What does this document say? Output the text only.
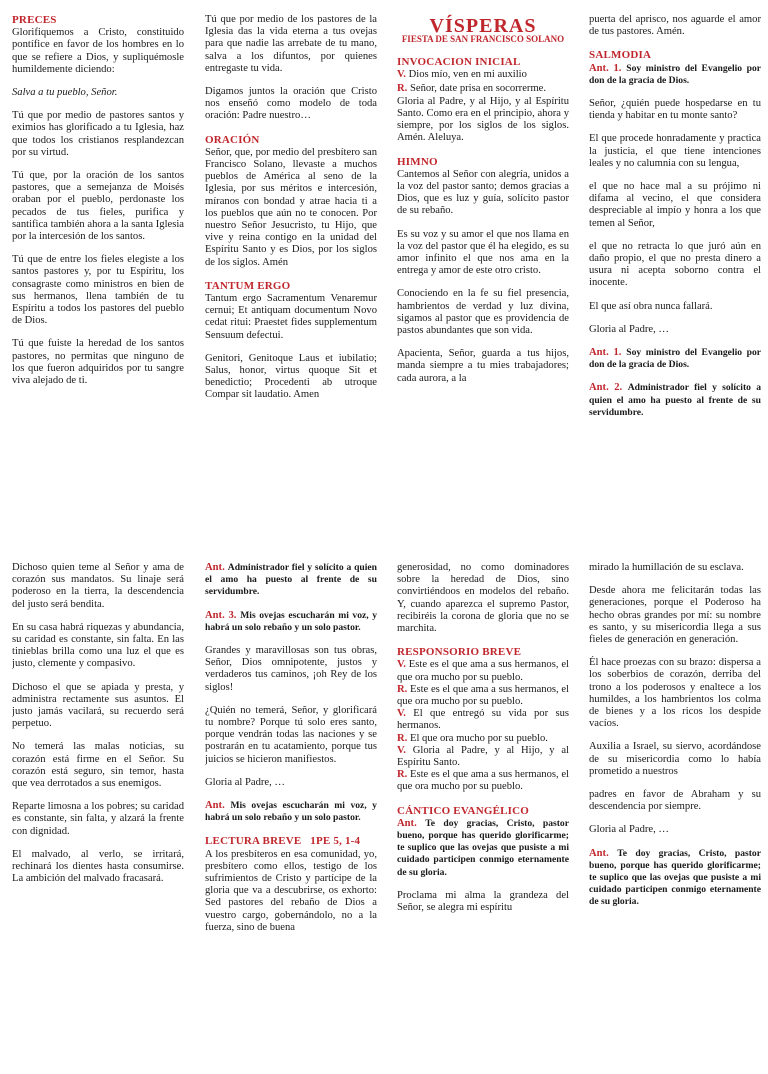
PRECES

Glorifiquemos a Cristo, constituido pontífice en favor de los hombres en lo que se refiere a Dios, y supliquémosle humildemente diciendo:

Salva a tu pueblo, Señor.

Tú que por medio de pastores santos y eximios has glorificado a tu Iglesia, haz que todos los cristianos resplandezcan por su virtud.

Tú que, por la oración de los santos pastores, que a semejanza de Moisés oraban por el pueblo, perdonaste los pecados de tus fieles, purifica y santifica también ahora a la santa Iglesia por la intercesión de los santos.

Tú que de entre los fieles elegiste a los santos pastores y, por tu Espíritu, los consagraste como ministros en bien de sus hermanos, llena también de tu Espíritu a todos los pastores del pueblo de Dios.

Tú que fuiste la heredad de los santos pastores, no permitas que ninguno de los que fueron adquiridos por tu sangre viva alejado de ti.

Tú que por medio de los pastores de la Iglesia das la vida eterna a tus ovejas para que nadie las arrebate de tu mano, salva a los difuntos, por quienes entregaste tu vida.

Digamos juntos la oración que Cristo nos enseñó como modelo de toda oración: Padre nuestro…

ORACIÓN

Señor, que, por medio del presbítero san Francisco Solano, llevaste a muchos pueblos de América al seno de la Iglesia, por sus méritos e intercesión, míranos con bondad y atrae hacia ti a los pueblos que aún no te conocen. Por nuestro Señor Jesucristo, tu Hijo, que vive y reina contigo en la unidad del Espíritu Santo y es Dios, por los siglos de los siglos. Amén

TANTUM ERGO

Tantum ergo Sacramentum Venaremur cernui; Et antiquam documentum Novo cedat ritui: Praestet fides supplementum Sensuum defectui.

Genitori, Genitoque Laus et iubilatio; Salus, honor, virtus quoque Sit et benedictio; Procedenti ab utroque Compar sit laudatio. Amen

VÍSPERAS
FIESTA DE SAN FRANCISCO SOLANO
INVOCACION INICIAL
V. Dios mío, ven en mi auxilio
R. Señor, date prisa en socorrerme.

Gloria al Padre, y al Hijo, y al Espíritu Santo. Como era en el principio, ahora y siempre, por los siglos de los siglos. Amén. Aleluya.

HIMNO

Cantemos al Señor con alegría, unidos a la voz del pastor santo; demos gracias a Dios, que es luz y guía, solícito pastor de su rebaño.

Es su voz y su amor el que nos llama en la voz del pastor que él ha elegido, es su amor infinito el que nos ama en la entrega y amor de este otro cristo.

Conociendo en la fe su fiel presencia, hambrientos de verdad y luz divina, sigamos al pastor que es providencia de pastos abundantes que son vida.

Apacienta, Señor, guarda a tus hijos, manda siempre a tu mies trabajadores; cada aurora, a la

puerta del aprisco, nos aguarde el amor de tus pastores. Amén.

SALMODIA

Ant. 1. Soy ministro del Evangelio por don de la gracia de Dios.

Señor, ¿quién puede hospedarse en tu tienda y habitar en tu monte santo?

El que procede honradamente y practica la justicia, el que tiene intenciones leales y no calumnia con su lengua,

el que no hace mal a su prójimo ni difama al vecino, el que considera despreciable al impío y honra a los que temen al Señor,

el que no retracta lo que juró aún en daño propio, el que no presta dinero a usura ni acepta soborno contra el inocente.

El que así obra nunca fallará.

Gloria al Padre, …

Ant. 1. Soy ministro del Evangelio por don de la gracia de Dios.

Ant. 2. Administrador fiel y solícito a quien el amo ha puesto al frente de su servidumbre.

Dichoso quien teme al Señor y ama de corazón sus mandatos. Su linaje será poderoso en la tierra, la descendencia del justo será bendita.

En su casa habrá riquezas y abundancia, su caridad es constante, sin falta. En las tinieblas brilla como una luz el que es justo, clemente y compasivo.

Dichoso el que se apiada y presta, y administra rectamente sus asuntos. El justo jamás vacilará, su recuerdo será perpetuo.

No temerá las malas noticias, su corazón está firme en el Señor. Su corazón está seguro, sin temor, hasta que vea derrotados a sus enemigos.

Reparte limosna a los pobres; su caridad es constante, sin falta, y alzará la frente con dignidad.

El malvado, al verlo, se irritará, rechinará los dientes hasta consumirse. La ambición del malvado fracasará.

Ant. Administrador fiel y solícito a quien el amo ha puesto al frente de su servidumbre.

Ant. 3. Mis ovejas escucharán mi voz, y habrá un solo rebaño y un solo pastor.

Grandes y maravillosas son tus obras, Señor, Dios omnipotente, justos y verdaderos tus caminos, ¡oh Rey de los siglos!

¿Quién no temerá, Señor, y glorificará tu nombre? Porque tú solo eres santo, porque vendrán todas las naciones y se postrarán en tu acatamiento, porque tus juicios se hicieron manifiestos.

Gloria al Padre, …

Ant. Mis ovejas escucharán mi voz, y habrá un solo rebaño y un solo pastor.

LECTURA BREVE   1PE 5, 1-4

A los presbíteros en esa comunidad, yo, presbítero como ellos, testigo de los sufrimientos de Cristo y partícipe de la gloria que va a descubrirse, os exhorto: Sed pastores del rebaño de Dios a vuestro cargo, gobernándolo, no a la fuerza, sino de buena

generosidad, no como dominadores sobre la heredad de Dios, sino convirtiéndoos en modelos del rebaño. Y, cuando aparezca el supremo Pastor, recibiréis la corona de gloria que no se marchita.

RESPONSORIO BREVE

V. Este es el que ama a sus hermanos, el que ora mucho por su pueblo.

R. Este es el que ama a sus hermanos, el que ora mucho por su pueblo.

V. El que entregó su vida por sus hermanos.

R. El que ora mucho por su pueblo.

V. Gloria al Padre, y al Hijo, y al Espíritu Santo.

R. Este es el que ama a sus hermanos, el que ora mucho por su pueblo.

CÁNTICO EVANGÉLICO

Ant. Te doy gracias, Cristo, pastor bueno, porque has querido glorificarme; te suplico que las ovejas que pusiste a mi cuidado participen conmigo eternamente de su gloria.

Proclama mi alma la grandeza del Señor, se alegra mi espíritu

mirado la humillación de su esclava.

Desde ahora me felicitarán todas las generaciones, porque el Poderoso ha hecho obras grandes por mí: su nombre es santo, y su misericordia llega a sus fieles de generación en generación.

Él hace proezas con su brazo: dispersa a los soberbios de corazón, derriba del trono a los poderosos y enaltece a los humildes, a los hambrientos los colma de bienes y a los ricos los despide vacíos.

Auxilia a Israel, su siervo, acordándose de su misericordia como lo había prometido a nuestros

padres en favor de Abraham y su descendencia por siempre.

Gloria al Padre, …

Ant. Te doy gracias, Cristo, pastor bueno, porque has querido glorificarme; te suplico que las ovejas que pusiste a mi cuidado participen conmigo eternamente de su gloria.
